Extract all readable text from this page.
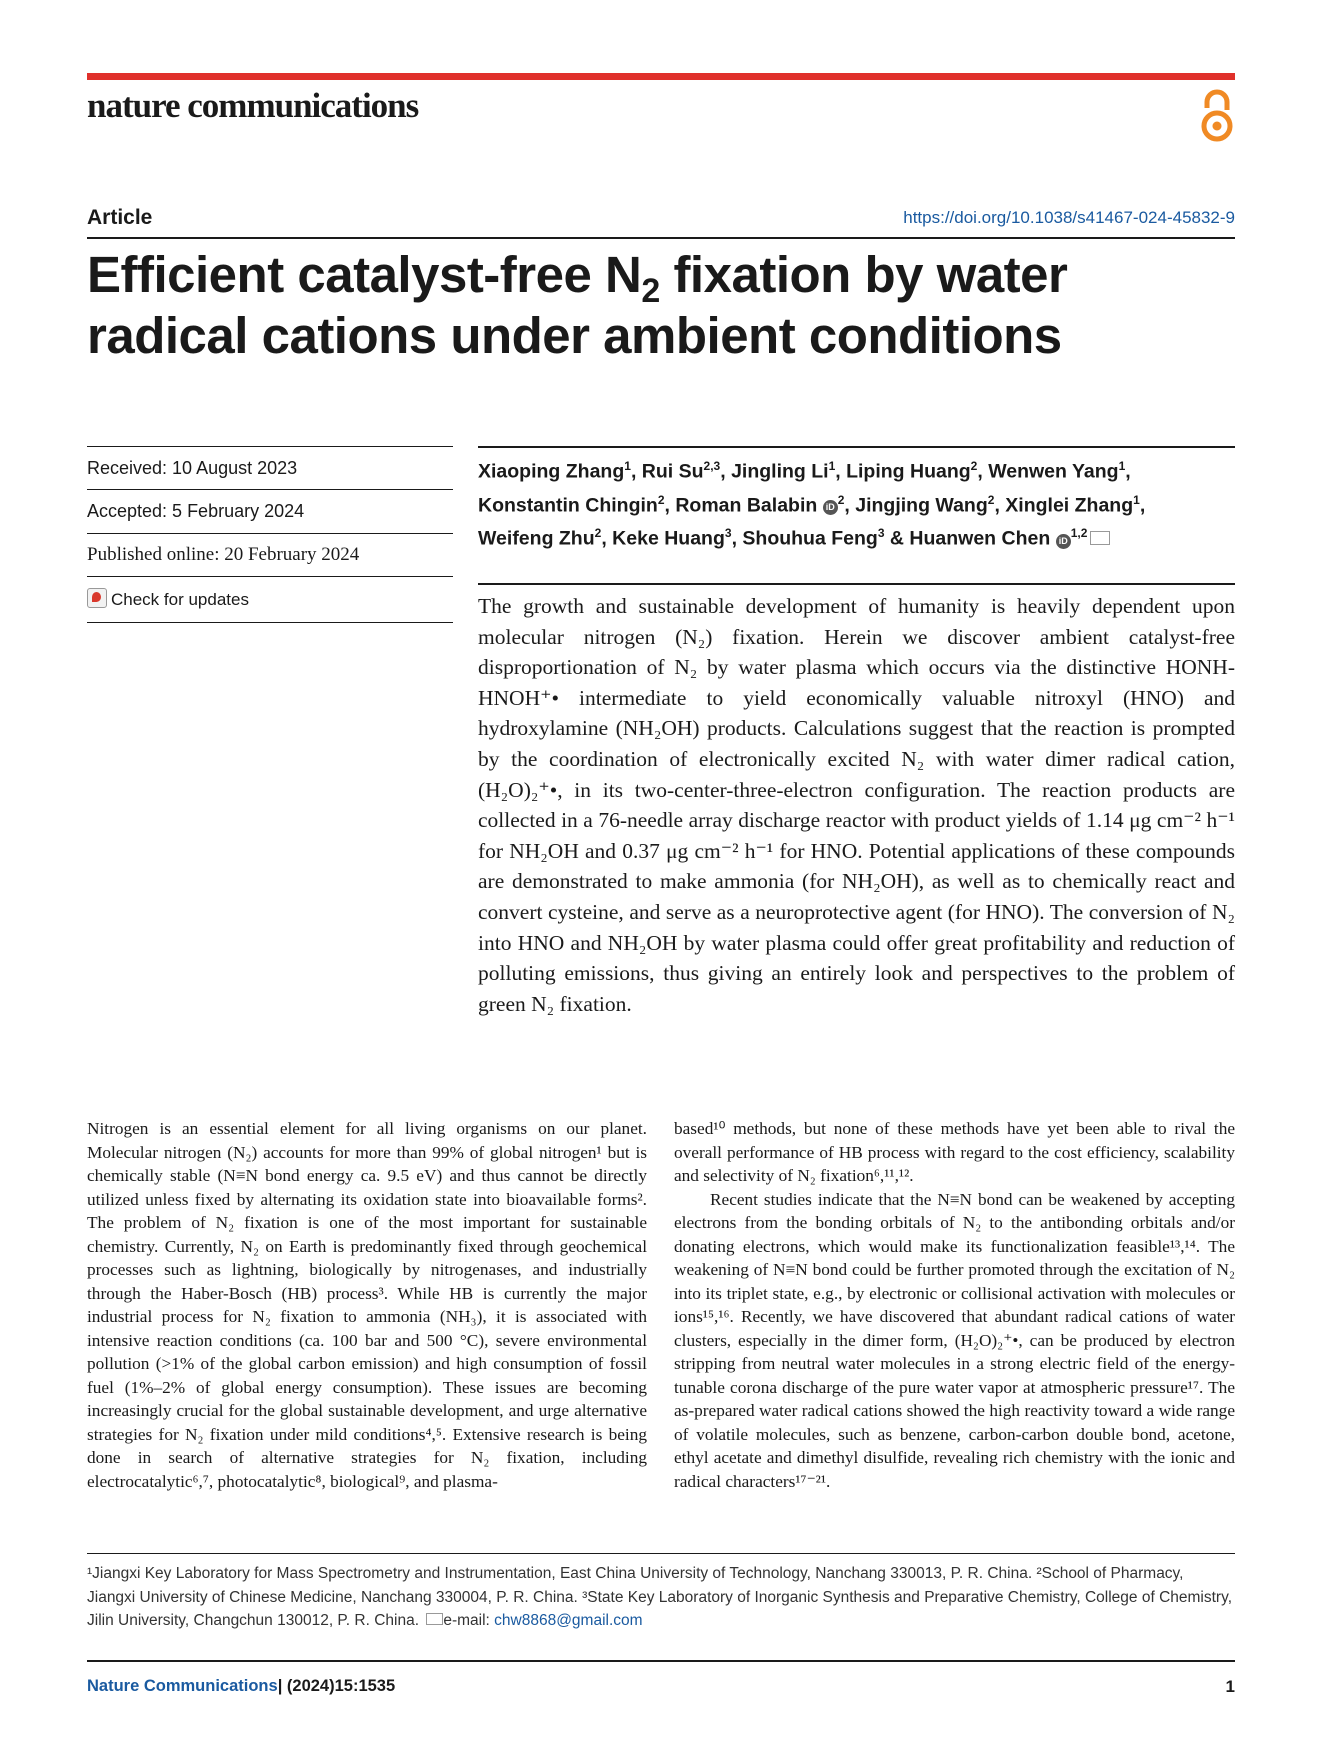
nature communications
Article	https://doi.org/10.1038/s41467-024-45832-9
Efficient catalyst-free $N_2$ fixation by water
radical cations under ambient conditions
Received: 10 August 2023
Accepted: 5 February 2024
Published online: 20 February 2024
Check for updates
Xiaoping Zhang$^1$, Rui Su$^{2,3}$, Jingling Li$^1$, Liping Huang$^2$, Wenwen Yang$^1$,
Konstantin Chingin$^2$, Roman Balabin $iD^2$, Jingjing Wang$^2$, Xinglei Zhang$^1$,
Weifeng Zhu$^2$, Keke Huang$^3$, Shouhua Feng$^3$ & Huanwen Chen iD$^{1,2}$
The growth and sustainable development of humanity is heavily dependent upon molecular nitrogen (N₂) fixation. Herein we discover ambient catalyst-free disproportionation of N₂ by water plasma which occurs via the distinctive HONH-HNOH⁺• intermediate to yield economically valuable nitroxyl (HNO) and hydroxylamine (NH₂OH) products. Calculations suggest that the reaction is prompted by the coordination of electronically excited N₂ with water dimer radical cation, (H₂O)₂⁺•, in its two-center-three-electron configuration. The reaction products are collected in a 76-needle array discharge reactor with product yields of 1.14 μg cm⁻² h⁻¹ for NH₂OH and 0.37 μg cm⁻² h⁻¹ for HNO. Potential applications of these compounds are demonstrated to make ammonia (for NH₂OH), as well as to chemically react and convert cysteine, and serve as a neuroprotective agent (for HNO). The conversion of N₂ into HNO and NH₂OH by water plasma could offer great profitability and reduction of polluting emissions, thus giving an entirely look and perspectives to the problem of green N₂ fixation.

Nitrogen is an essential element for all living organisms on our planet. Molecular nitrogen (N₂) accounts for more than 99% of global nitrogen¹ but is chemically stable (N≡N bond energy ca. 9.5 eV) and thus cannot be directly utilized unless fixed by alternating its oxidation state into bioavailable forms². The problem of N₂ fixation is one of the most important for sustainable chemistry. Currently, N₂ on Earth is predominantly fixed through geochemical processes such as lightning, biologically by nitrogenases, and industrially through the Haber-Bosch (HB) process³. While HB is currently the major industrial process for N₂ fixation to ammonia (NH₃), it is associated with intensive reaction conditions (ca. 100 bar and 500 °C), severe environmental pollution (>1% of the global carbon emission) and high consumption of fossil fuel (1%–2% of global energy consumption). These issues are becoming increasingly crucial for the global sustainable development, and urge alternative strategies for N₂ fixation under mild conditions⁴,⁵. Extensive research is being done in search of alternative strategies for N₂ fixation, including electrocatalytic⁶,⁷, photocatalytic⁸, biological⁹, and plasma-

based¹⁰ methods, but none of these methods have yet been able to rival the overall performance of HB process with regard to the cost efficiency, scalability and selectivity of N₂ fixation⁶,¹¹,¹².

Recent studies indicate that the N≡N bond can be weakened by accepting electrons from the bonding orbitals of N₂ to the antibonding orbitals and/or donating electrons, which would make its functionalization feasible¹³,¹⁴. The weakening of N≡N bond could be further promoted through the excitation of N₂ into its triplet state, e.g., by electronic or collisional activation with molecules or ions¹⁵,¹⁶. Recently, we have discovered that abundant radical cations of water clusters, especially in the dimer form, (H₂O)₂⁺•, can be produced by electron stripping from neutral water molecules in a strong electric field of the energy-tunable corona discharge of the pure water vapor at atmospheric pressure¹⁷. The as-prepared water radical cations showed the high reactivity toward a wide range of volatile molecules, such as benzene, carbon-carbon double bond, acetone, ethyl acetate and dimethyl disulfide, revealing rich chemistry with the ionic and radical characters¹⁷⁻²¹.

¹Jiangxi Key Laboratory for Mass Spectrometry and Instrumentation, East China University of Technology, Nanchang 330013, P. R. China. ²School of Pharmacy, Jiangxi University of Chinese Medicine, Nanchang 330004, P. R. China. ³State Key Laboratory of Inorganic Synthesis and Preparative Chemistry, College of Chemistry, Jilin University, Changchun 130012, P. R. China. e-mail: chw8868@gmail.com
Nature Communications| (2024)15:1535	1
